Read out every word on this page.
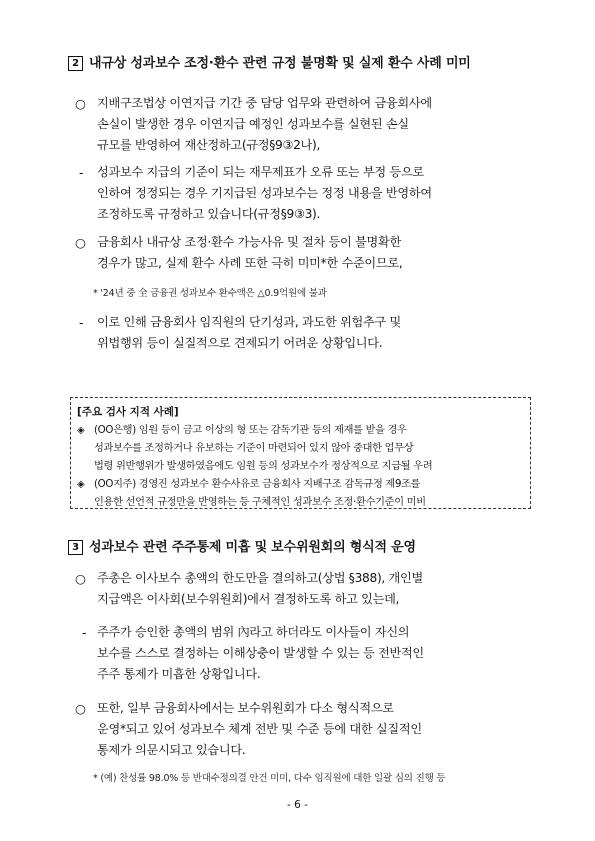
2 내규상 성과보수 조정·환수 관련 규정 불명확 및 실제 환수 사례 미미
○ 지배구조법상 이연지급 기간 중 담당 업무와 관련하여 금융회사에
손실이 발생한 경우 이연지급 예정인 성과보수를 실현된 손실
규모를 반영하여 재산정하고(규정§9③2나),
- 성과보수 지급의 기준이 되는 재무제표가 오류 또는 부정 등으로
인하여 정정되는 경우 기지급된 성과보수는 정정 내용을 반영하여
조정하도록 규정하고 있습니다(규정§9③3).
○ 금융회사 내규상 조정·환수 가능사유 및 절차 등이 불명확한
경우가 많고, 실제 환수 사례 또한 극히 미미*한 수준이므로,
* '24년 중 全 금융권 성과보수 환수액은 △0.9억원에 불과
- 이로 인해 금융회사 임직원의 단기성과, 과도한 위험추구 및
위법행위 등이 실질적으로 견제되기 어려운 상황입니다.
[주요 검사 지적 사례]
◈ (OO은행) 임원 등이 금고 이상의 형 또는 감독기관 등의 제재를 받을 경우
성과보수를 조정하거나 유보하는 기준이 마련되어 있지 않아 중대한 업무상
법령 위반행위가 발생하였음에도 임원 등의 성과보수가 정상적으로 지급될 우려
◈ (OO지주) 경영진 성과보수 환수사유로 금융회사 지배구조 감독규정 제9조를
인용한 선언적 규정만을 반영하는 등 구체적인 성과보수 조정·환수기준이 미비
3 성과보수 관련 주주통제 미흡 및 보수위원회의 형식적 운영
○ 주총은 이사보수 총액의 한도만을 결의하고(상법 §388), 개인별
지급액은 이사회(보수위원회)에서 결정하도록 하고 있는데,
- 주주가 승인한 총액의 범위 內라고 하더라도 이사들이 자신의
보수를 스스로 결정하는 이해상충이 발생할 수 있는 등 전반적인
주주 통제가 미흡한 상황입니다.
○ 또한, 일부 금융회사에서는 보수위원회가 다소 형식적으로
운영*되고 있어 성과보수 체계 전반 및 수준 등에 대한 실질적인
통제가 의문시되고 있습니다.
* (예) 찬성률 98.0% 등 반대수정의결 안건 미미, 다수 임직원에 대한 일괄 심의 진행 등
- 6 -
